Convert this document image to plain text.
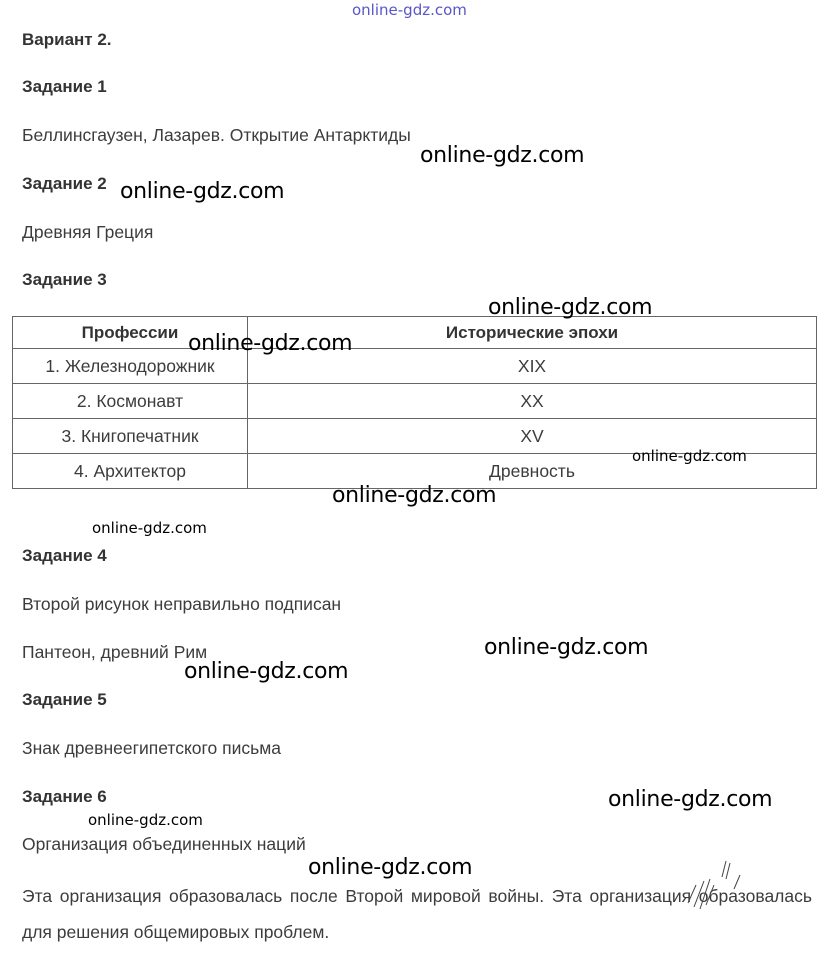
online-gdz.com
Вариант 2.
Задание 1
Беллинсгаузен, Лазарев. Открытие Антарктиды
Задание 2
Древняя Греция
Задание 3
Профессии	Исторические эпохи
1. Железнодорожник	XIX
2. Космонавт	XX
3. Книгопечатник	XV
4. Архитектор	Древность
Задание 4
Второй рисунок неправильно подписан
Пантеон, древний Рим
Задание 5
Знак древнеегипетского письма
Задание 6
Организация объединенных наций
Эта организация образовалась после Второй мировой войны. Эта организация образовалась для решения общемировых проблем.
online-gdz.com
online-gdz.com
online-gdz.com
online-gdz.com
online-gdz.com
online-gdz.com
online-gdz.com
online-gdz.com
online-gdz.com
online-gdz.com
online-gdz.com
online-gdz.com
